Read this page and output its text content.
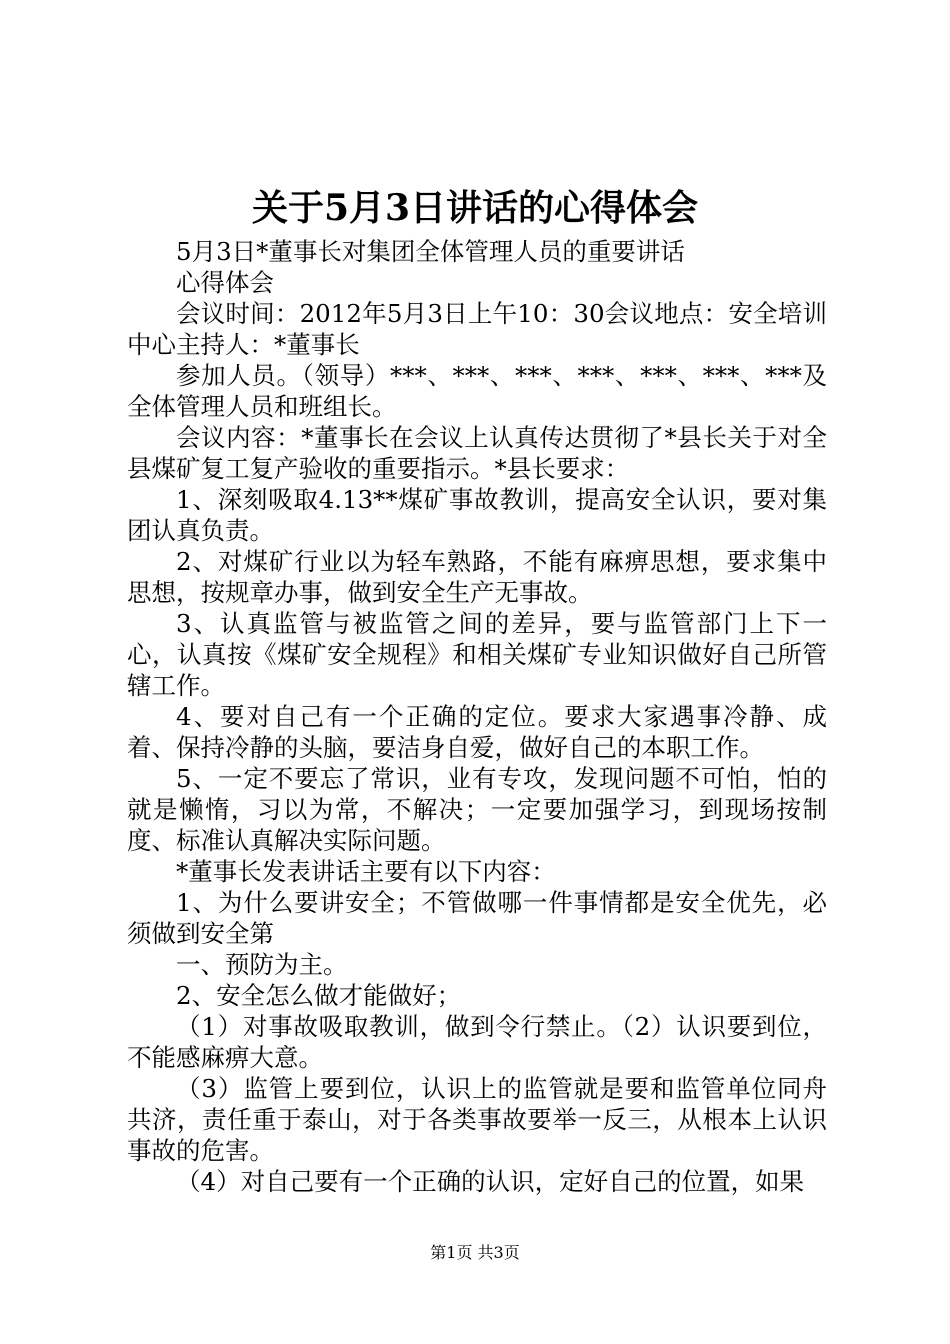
关于5月3日讲话的心得体会

5月3日*董事长对集团全体管理人员的重要讲话

心得体会

会议时间：2012年5月3日上午10：30会议地点：安全培训中心主持人：*董事长

参加人员。（领导）***、***、***、***、***、***、***及全体管理人员和班组长。

会议内容：*董事长在会议上认真传达贯彻了*县长关于对全县煤矿复工复产验收的重要指示。*县长要求：

1、深刻吸取4.13**煤矿事故教训，提高安全认识，要对集团认真负责。

2、对煤矿行业以为轻车熟路，不能有麻痹思想，要求集中思想，按规章办事，做到安全生产无事故。

3、认真监管与被监管之间的差异，要与监管部门上下一心，认真按《煤矿安全规程》和相关煤矿专业知识做好自己所管辖工作。

4、要对自己有一个正确的定位。要求大家遇事冷静、成着、保持冷静的头脑，要洁身自爱，做好自己的本职工作。

5、一定不要忘了常识，业有专攻，发现问题不可怕，怕的就是懒惰，习以为常，不解决；一定要加强学习，到现场按制度、标准认真解决实际问题。

*董事长发表讲话主要有以下内容：

1、为什么要讲安全；不管做哪一件事情都是安全优先，必须做到安全第

一、预防为主。

2、安全怎么做才能做好；

（1）对事故吸取教训，做到令行禁止。（2）认识要到位，不能感麻痹大意。

（3）监管上要到位，认识上的监管就是要和监管单位同舟共济，责任重于泰山，对于各类事故要举一反三，从根本上认识事故的危害。

（4）对自己要有一个正确的认识，定好自己的位置，如果

第1页 共3页
